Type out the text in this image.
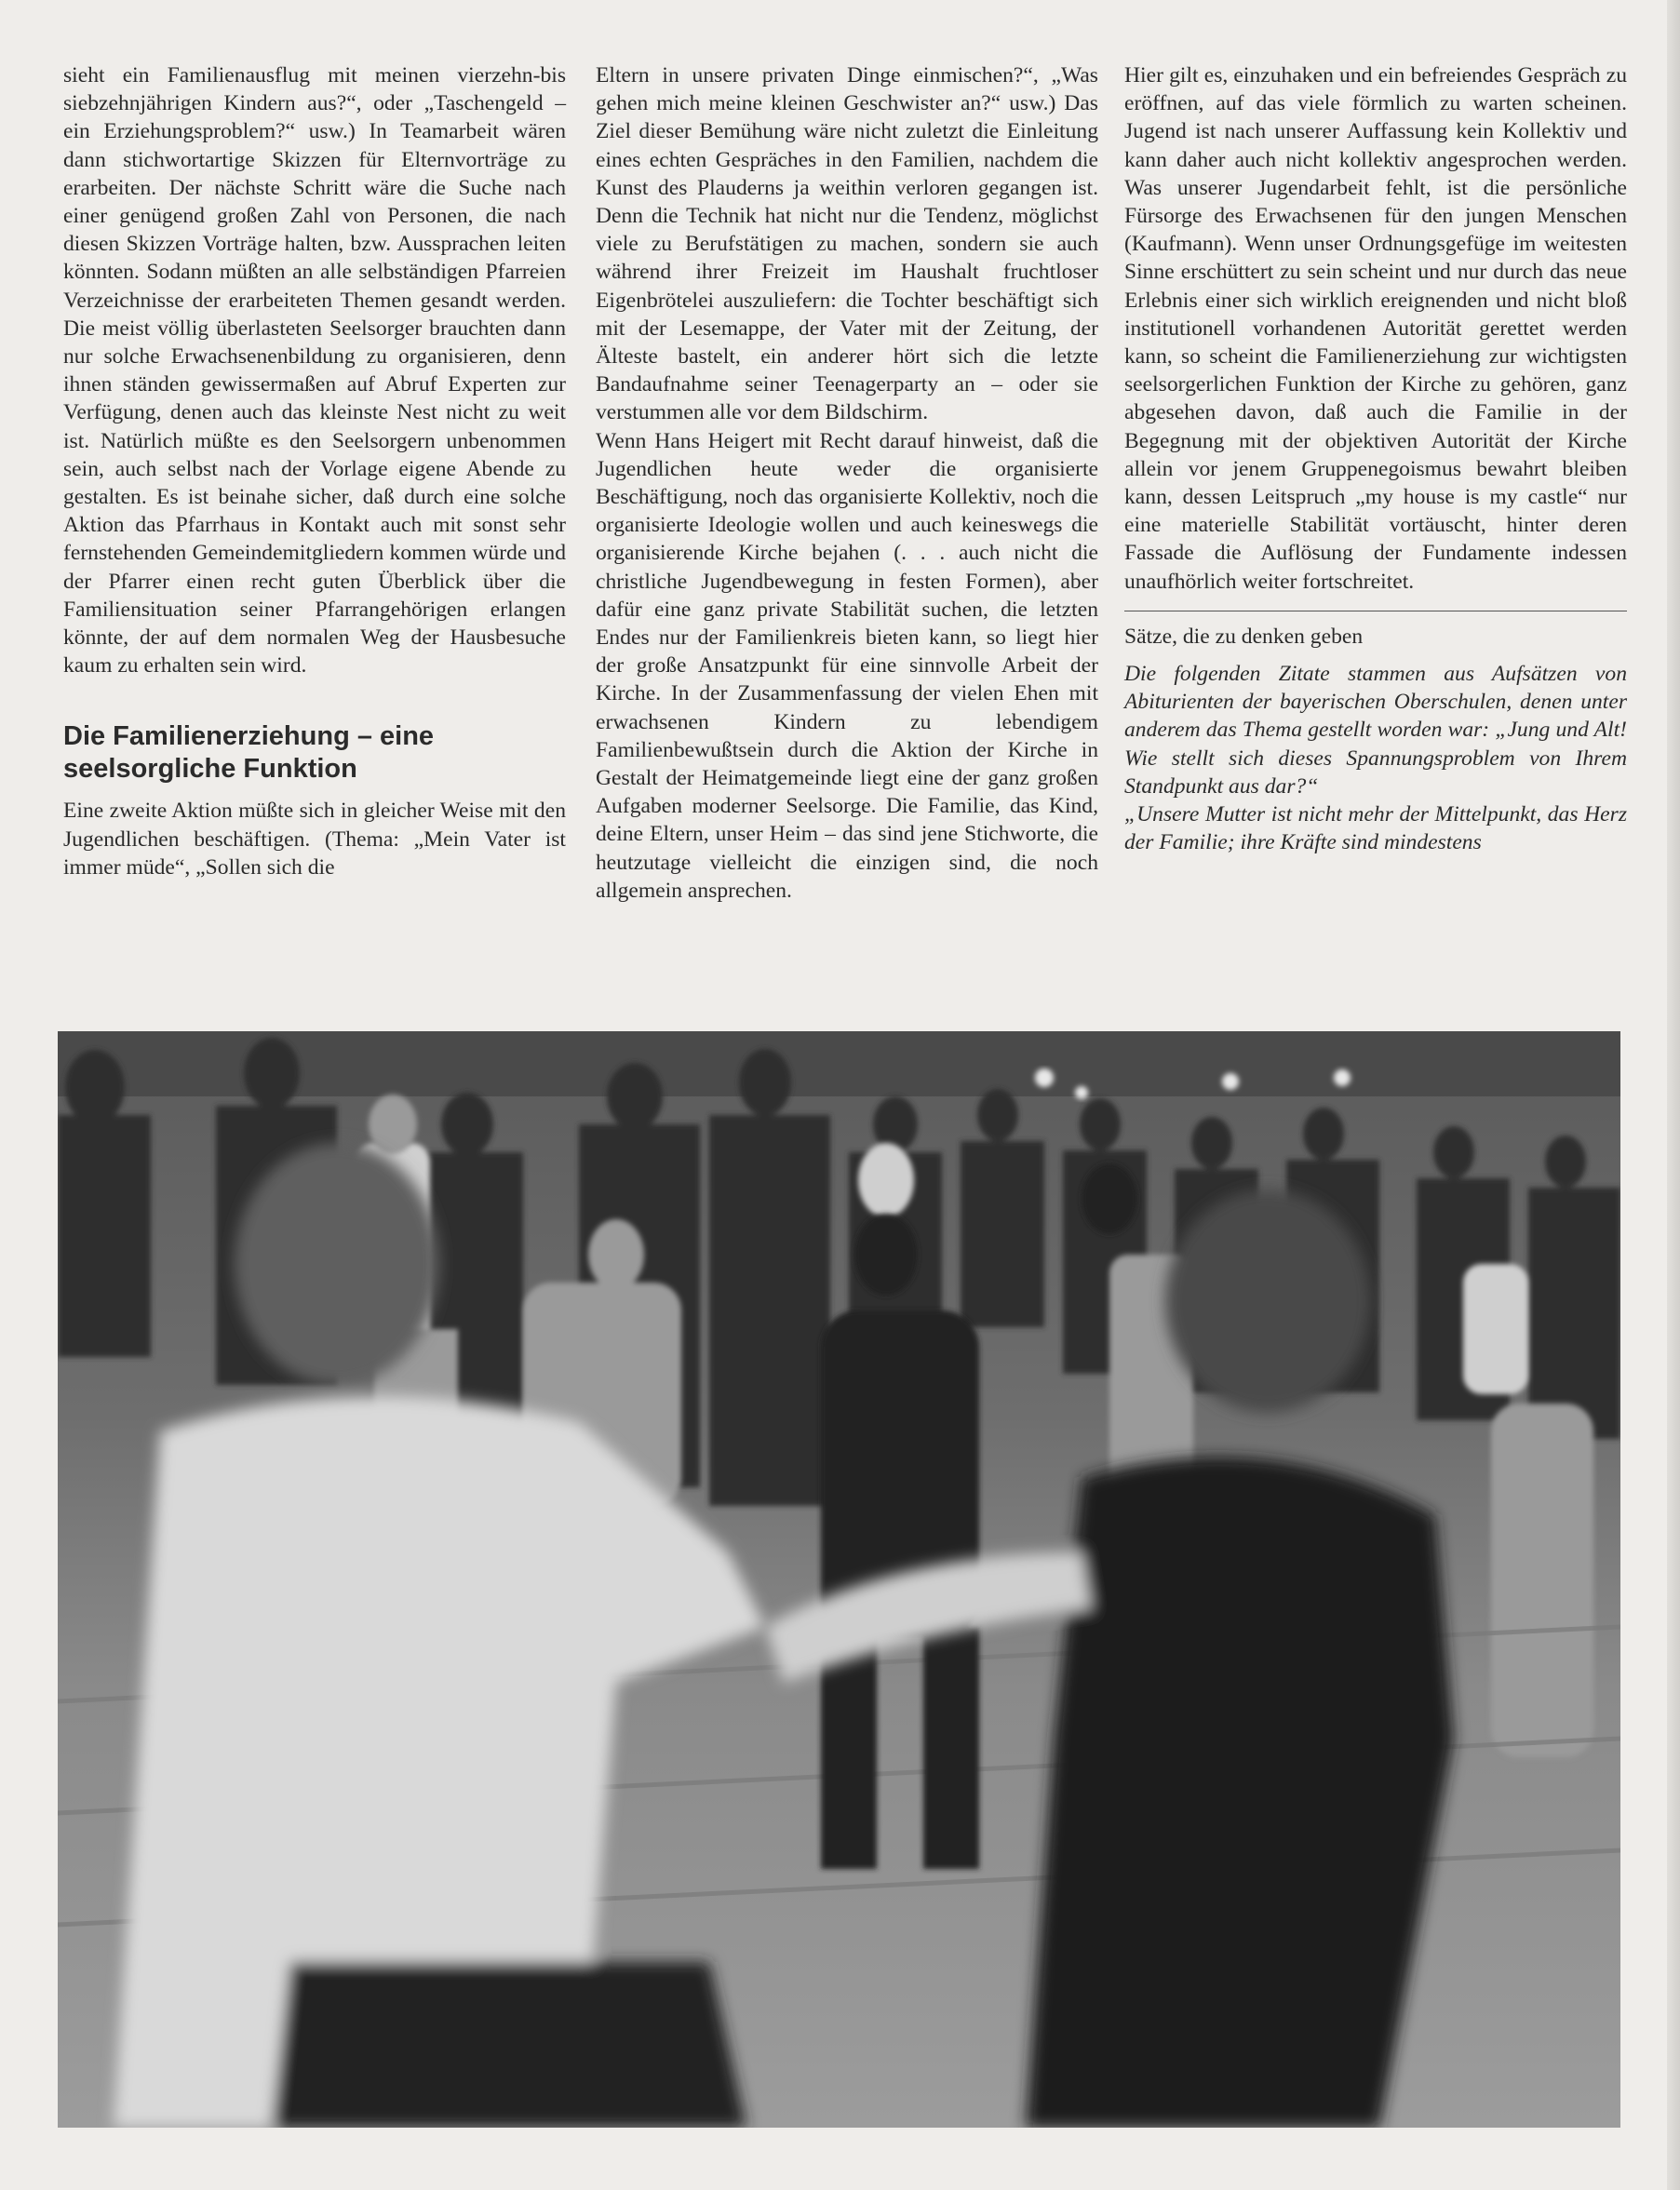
sieht ein Familienausflug mit meinen vierzehn-bis siebzehnjährigen Kindern aus?“, oder „Taschengeld – ein Erziehungsproblem?“ usw.) In Teamarbeit wären dann stichwortartige Skizzen für Elternvorträge zu erarbeiten. Der nächste Schritt wäre die Suche nach einer genügend großen Zahl von Personen, die nach diesen Skizzen Vorträge halten, bzw. Aussprachen leiten könnten. Sodann müßten an alle selbständigen Pfarreien Verzeichnisse der erarbeiteten Themen gesandt werden. Die meist völlig überlasteten Seelsorger brauchten dann nur solche Erwachsenenbildung zu organisieren, denn ihnen ständen gewissermaßen auf Abruf Experten zur Verfügung, denen auch das kleinste Nest nicht zu weit ist. Natürlich müßte es den Seelsorgern unbenommen sein, auch selbst nach der Vorlage eigene Abende zu gestalten. Es ist beinahe sicher, daß durch eine solche Aktion das Pfarrhaus in Kontakt auch mit sonst sehr fernstehenden Gemeindemitgliedern kommen würde und der Pfarrer einen recht guten Überblick über die Familiensituation seiner Pfarrangehörigen erlangen könnte, der auf dem normalen Weg der Hausbesuche kaum zu erhalten sein wird.

Die Familienerziehung – eine seelsorgliche Funktion

Eine zweite Aktion müßte sich in gleicher Weise mit den Jugendlichen beschäftigen. (Thema: „Mein Vater ist immer müde“, „Sollen sich die

Eltern in unsere privaten Dinge einmischen?“, „Was gehen mich meine kleinen Geschwister an?“ usw.) Das Ziel dieser Bemühung wäre nicht zuletzt die Einleitung eines echten Gespräches in den Familien, nachdem die Kunst des Plauderns ja weithin verloren gegangen ist. Denn die Technik hat nicht nur die Tendenz, möglichst viele zu Berufstätigen zu machen, sondern sie auch während ihrer Freizeit im Haushalt fruchtloser Eigenbrötelei auszuliefern: die Tochter beschäftigt sich mit der Lesemappe, der Vater mit der Zeitung, der Älteste bastelt, ein anderer hört sich die letzte Bandaufnahme seiner Teenagerparty an – oder sie verstummen alle vor dem Bildschirm.

Wenn Hans Heigert mit Recht darauf hinweist, daß die Jugendlichen heute weder die organisierte Beschäftigung, noch das organisierte Kollektiv, noch die organisierte Ideologie wollen und auch keineswegs die organisierende Kirche bejahen (. . . auch nicht die christliche Jugendbewegung in festen Formen), aber dafür eine ganz private Stabilität suchen, die letzten Endes nur der Familienkreis bieten kann, so liegt hier der große Ansatzpunkt für eine sinnvolle Arbeit der Kirche. In der Zusammenfassung der vielen Ehen mit erwachsenen Kindern zu lebendigem Familienbewußtsein durch die Aktion der Kirche in Gestalt der Heimatgemeinde liegt eine der ganz großen Aufgaben moderner Seelsorge. Die Familie, das Kind, deine Eltern, unser Heim – das sind jene Stichworte, die heutzutage vielleicht die einzigen sind, die noch allgemein ansprechen.

Hier gilt es, einzuhaken und ein befreiendes Gespräch zu eröffnen, auf das viele förmlich zu warten scheinen. Jugend ist nach unserer Auffassung kein Kollektiv und kann daher auch nicht kollektiv angesprochen werden. Was unserer Jugendarbeit fehlt, ist die persönliche Fürsorge des Erwachsenen für den jungen Menschen (Kaufmann). Wenn unser Ordnungsgefüge im weitesten Sinne erschüttert zu sein scheint und nur durch das neue Erlebnis einer sich wirklich ereignenden und nicht bloß institutionell vorhandenen Autorität gerettet werden kann, so scheint die Familienerziehung zur wichtigsten seelsorgerlichen Funktion der Kirche zu gehören, ganz abgesehen davon, daß auch die Familie in der Begegnung mit der objektiven Autorität der Kirche allein vor jenem Gruppenegoismus bewahrt bleiben kann, dessen Leitspruch „my house is my castle“ nur eine materielle Stabilität vortäuscht, hinter deren Fassade die Auflösung der Fundamente indessen unaufhörlich weiter fortschreitet.

Sätze, die zu denken geben

Die folgenden Zitate stammen aus Aufsätzen von Abiturienten der bayerischen Oberschulen, denen unter anderem das Thema gestellt worden war: „Jung und Alt! Wie stellt sich dieses Spannungsproblem von Ihrem Standpunkt aus dar?“

„Unsere Mutter ist nicht mehr der Mittelpunkt, das Herz der Familie; ihre Kräfte sind mindestens
